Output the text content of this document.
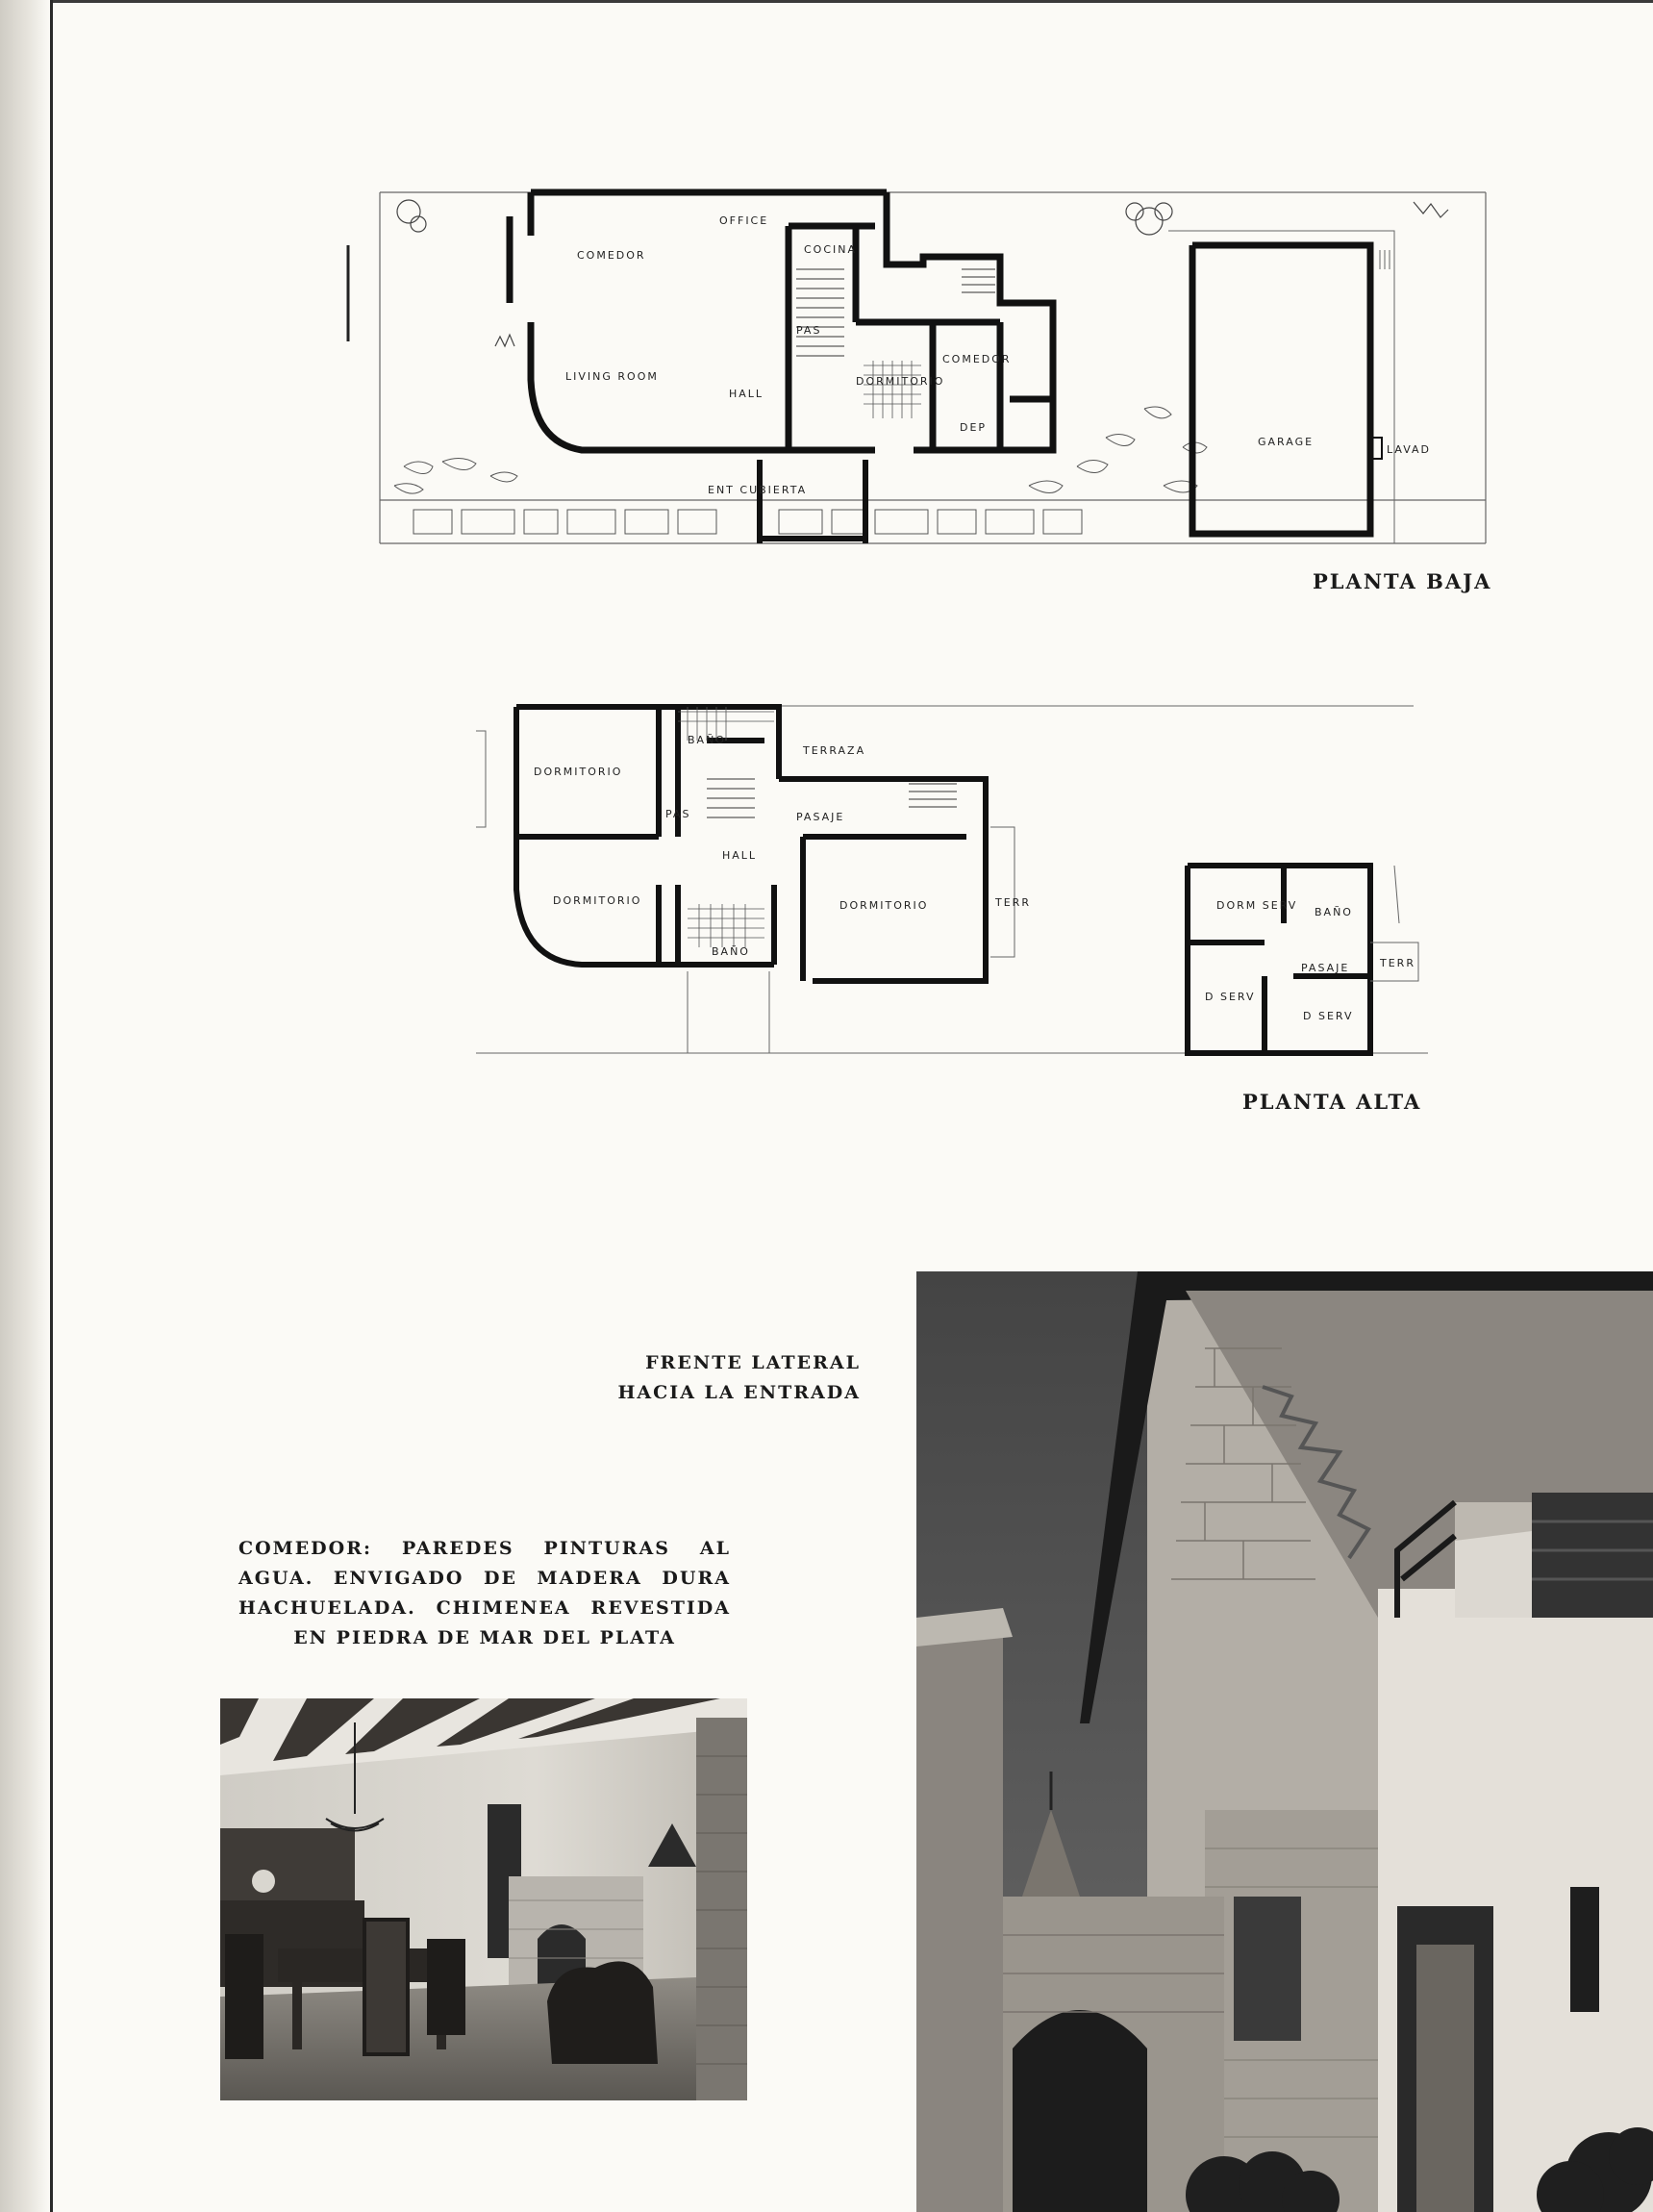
COMEDOR
LIVING ROOM
OFFICE
COCINA
PAS
HALL
DORMITORIO
COMEDOR
DEP
GARAGE
LAVAD
ENT CUBIERTA
PLANTA BAJA
DORMITORIO
DORMITORIO	DORMITORIO
BAÑO
BAÑO
TERRAZA
PASAJE
HALL
TERR
PAS
DORM SERV
BAÑO
PASAJE
D SERV
D SERV
TERR
PLANTA ALTA
FRENTE LATERAL
HACIA LA ENTRADA
COMEDOR: PAREDES PINTURAS AL AGUA. ENVIGADO DE MADERA DURA HACHUELADA. CHIMENEA REVESTIDA EN PIEDRA DE MAR DEL PLATA
